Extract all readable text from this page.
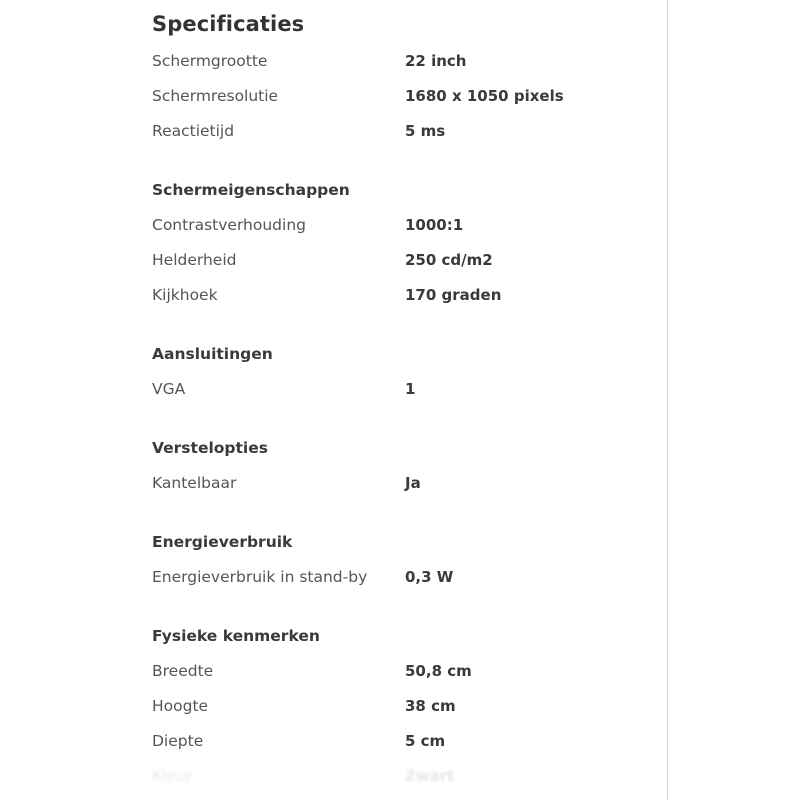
Specificaties
Schermgrootte	22 inch
Schermresolutie	1680 x 1050 pixels
Reactietijd	5 ms
Schermeigenschappen
Contrastverhouding	1000:1
Helderheid	250 cd/m2
Kijkhoek	170 graden
Aansluitingen
VGA	1
Verstelopties
Kantelbaar	Ja
Energieverbruik
Energieverbruik in stand-by	0,3 W
Fysieke kenmerken
Breedte	50,8 cm
Hoogte	38 cm
Diepte	5 cm
Kleur	Zwart
